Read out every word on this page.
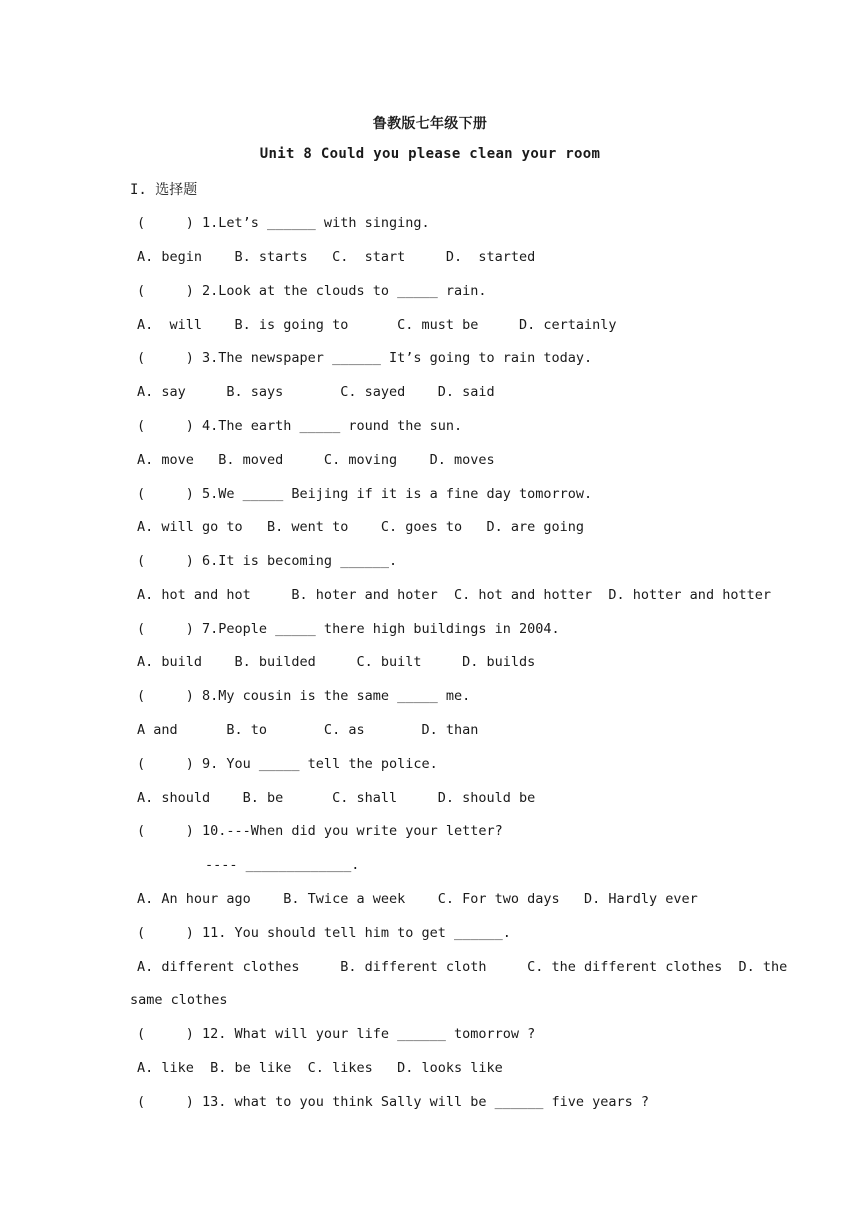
鲁教版七年级下册
Unit 8 Could you please clean your room
I. 选择题
(     ) 1.Let’s ______ with singing.
A. begin    B. starts   C.  start     D.  started
(     ) 2.Look at the clouds to _____ rain.
A.  will    B. is going to      C. must be     D. certainly
(     ) 3.The newspaper ______ It’s going to rain today.
A. say     B. says       C. sayed    D. said
(     ) 4.The earth _____ round the sun.
A. move   B. moved     C. moving    D. moves
(     ) 5.We _____ Beijing if it is a fine day tomorrow.
A. will go to   B. went to    C. goes to   D. are going
(     ) 6.It is becoming ______.
A. hot and hot     B. hoter and hoter  C. hot and hotter  D. hotter and hotter
(     ) 7.People _____ there high buildings in 2004.
A. build    B. builded     C. built     D. builds
(     ) 8.My cousin is the same _____ me.
A and      B. to       C. as       D. than
(     ) 9. You _____ tell the police.
A. should    B. be      C. shall     D. should be
(     ) 10.---When did you write your letter?
---- _____________.
A. An hour ago    B. Twice a week    C. For two days   D. Hardly ever
(     ) 11. You should tell him to get ______.
A. different clothes     B. different cloth     C. the different clothes  D. the
same clothes
(     ) 12. What will your life ______ tomorrow ?
A. like  B. be like  C. likes   D. looks like
(     ) 13. what to you think Sally will be ______ five years ?
